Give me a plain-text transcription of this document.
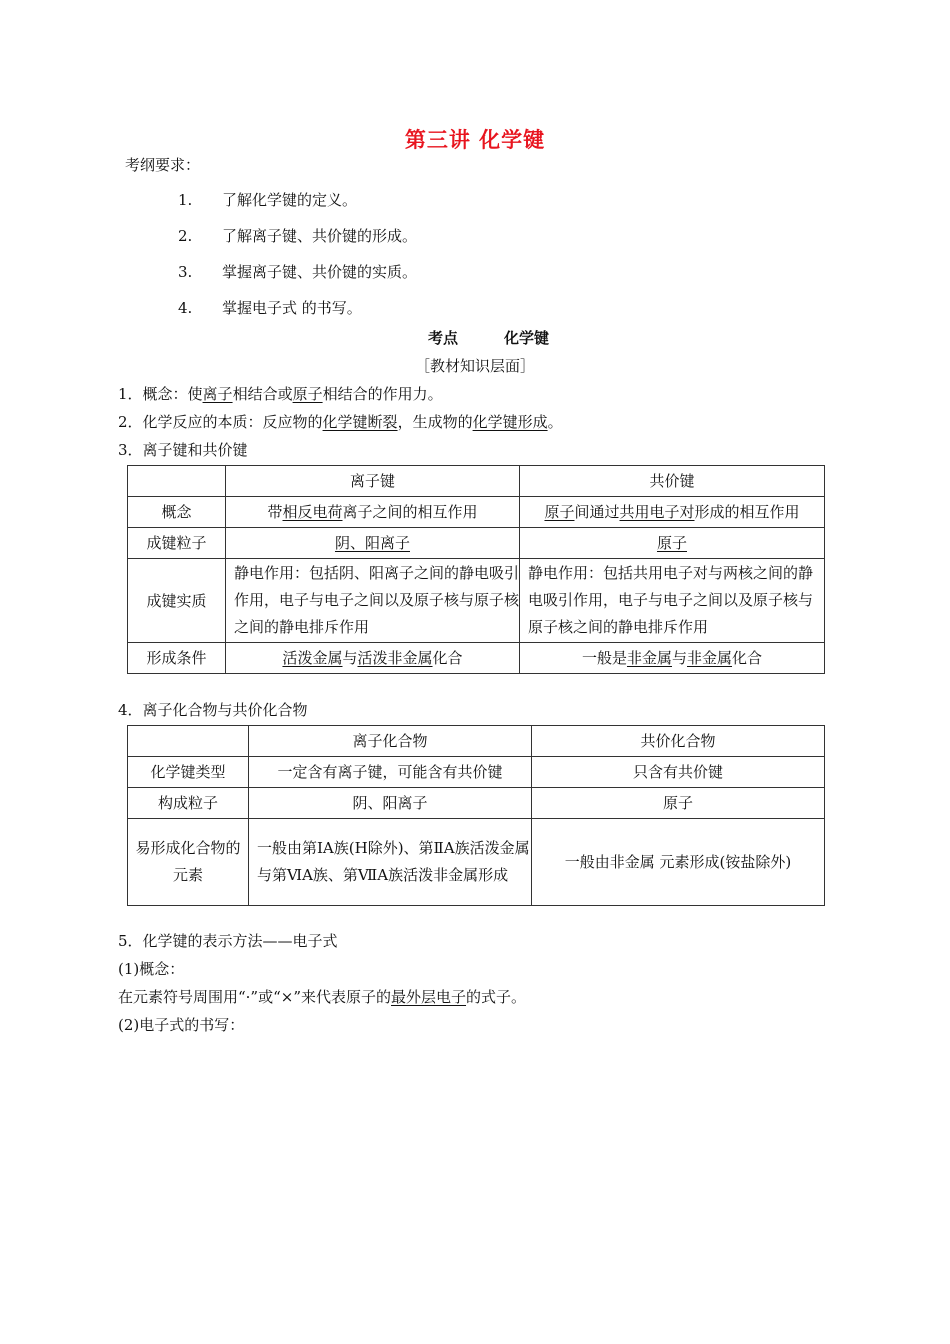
第三讲 化学键
考纲要求：
1. 了解化学键的定义。
2. 了解离子键、共价键的形成。
3. 掌握离子键、共价键的实质。
4. 掌握电子式 的书写。
考点	化学键
［教材知识层面］
1．概念：使离子相结合或原子相结合的作用力。
2．化学反应的本质：反应物的化学键断裂，生成物的化学键形成。
3．离子键和共价键
	离子键	共价键
概念	带相反电荷离子之间的相互作用	原子间通过共用电子对形成的相互作用
成键粒子	阴、阳离子	原子
成键实质	静电作用：包括阴、阳离子之间的静电吸引作用，电子与电子之间以及原子核与原子核之间的静电排斥作用	静电作用：包括共用电子对与两核之间的静电吸引作用，电子与电子之间以及原子核与原子核之间的静电排斥作用
形成条件	活泼金属与活泼非金属化合	一般是非金属与非金属化合
4．离子化合物与共价化合物
	离子化合物	共价化合物
化学键类型	一定含有离子键，可能含有共价键	只含有共价键
构成粒子	阴、阳离子	原子
易形成化合物的元素	一般由第ⅠA族(H除外)、第ⅡA族活泼金属与第ⅥA族、第ⅦA族活泼非金属形成	一般由非金属 元素形成(铵盐除外)
5．化学键的表示方法——电子式
(1)概念：
在元素符号周围用“·”或“×”来代表原子的最外层电子的式子。
(2)电子式的书写：
